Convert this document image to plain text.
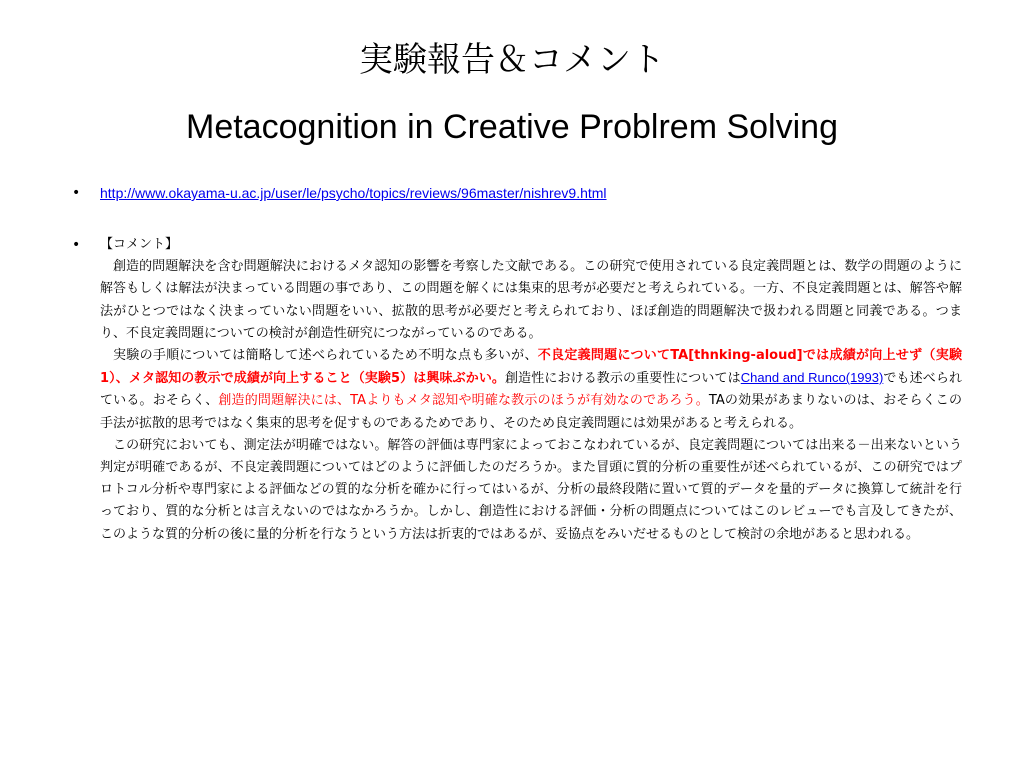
実験報告＆コメント
Metacognition in Creative Problrem Solving
• http://www.okayama-u.ac.jp/user/le/psycho/topics/reviews/96master/nishrev9.html
• 【コメント】

創造的問題解決を含む問題解決におけるメタ認知の影響を考察した文献である。この研究で使用されている良定義問題とは、数学の問題のように解答もしくは解法が決まっている問題の事であり、この問題を解くには集束的思考が必要だと考えられている。一方、不良定義問題とは、解答や解法がひとつではなく決まっていない問題をいい、拡散的思考が必要だと考えられており、ほぼ創造的問題解決で扱われる問題と同義である。つまり、不良定義問題についての検討が創造性研究につながっているのである。

実験の手順については簡略して述べられているため不明な点も多いが、不良定義問題についてTA[thnking-aloud]では成績が向上せず（実験1）、メタ認知の教示で成績が向上すること（実験5）は興味ぶかい。創造性における教示の重要性についてはChand and Runco(1993)でも述べられている。おそらく、創造的問題解決には、TAよりもメタ認知や明確な教示のほうが有効なのであろう。TAの効果があまりないのは、おそらくこの手法が拡散的思考ではなく集束的思考を促すものであるためであり、そのため良定義問題には効果があると考えられる。

この研究においても、測定法が明確ではない。解答の評価は専門家によっておこなわれているが、良定義問題については出来る－出来ないという判定が明確であるが、不良定義問題についてはどのように評価したのだろうか。また冒頭に質的分析の重要性が述べられているが、この研究ではプロトコル分析や専門家による評価などの質的な分析を確かに行ってはいるが、分析の最終段階に置いて質的データを量的データに換算して統計を行っており、質的な分析とは言えないのではなかろうか。しかし、創造性における評価・分析の問題点についてはこのレビューでも言及してきたが、このような質的分析の後に量的分析を行なうという方法は折衷的ではあるが、妥協点をみいだせるものとして検討の余地があると思われる。
